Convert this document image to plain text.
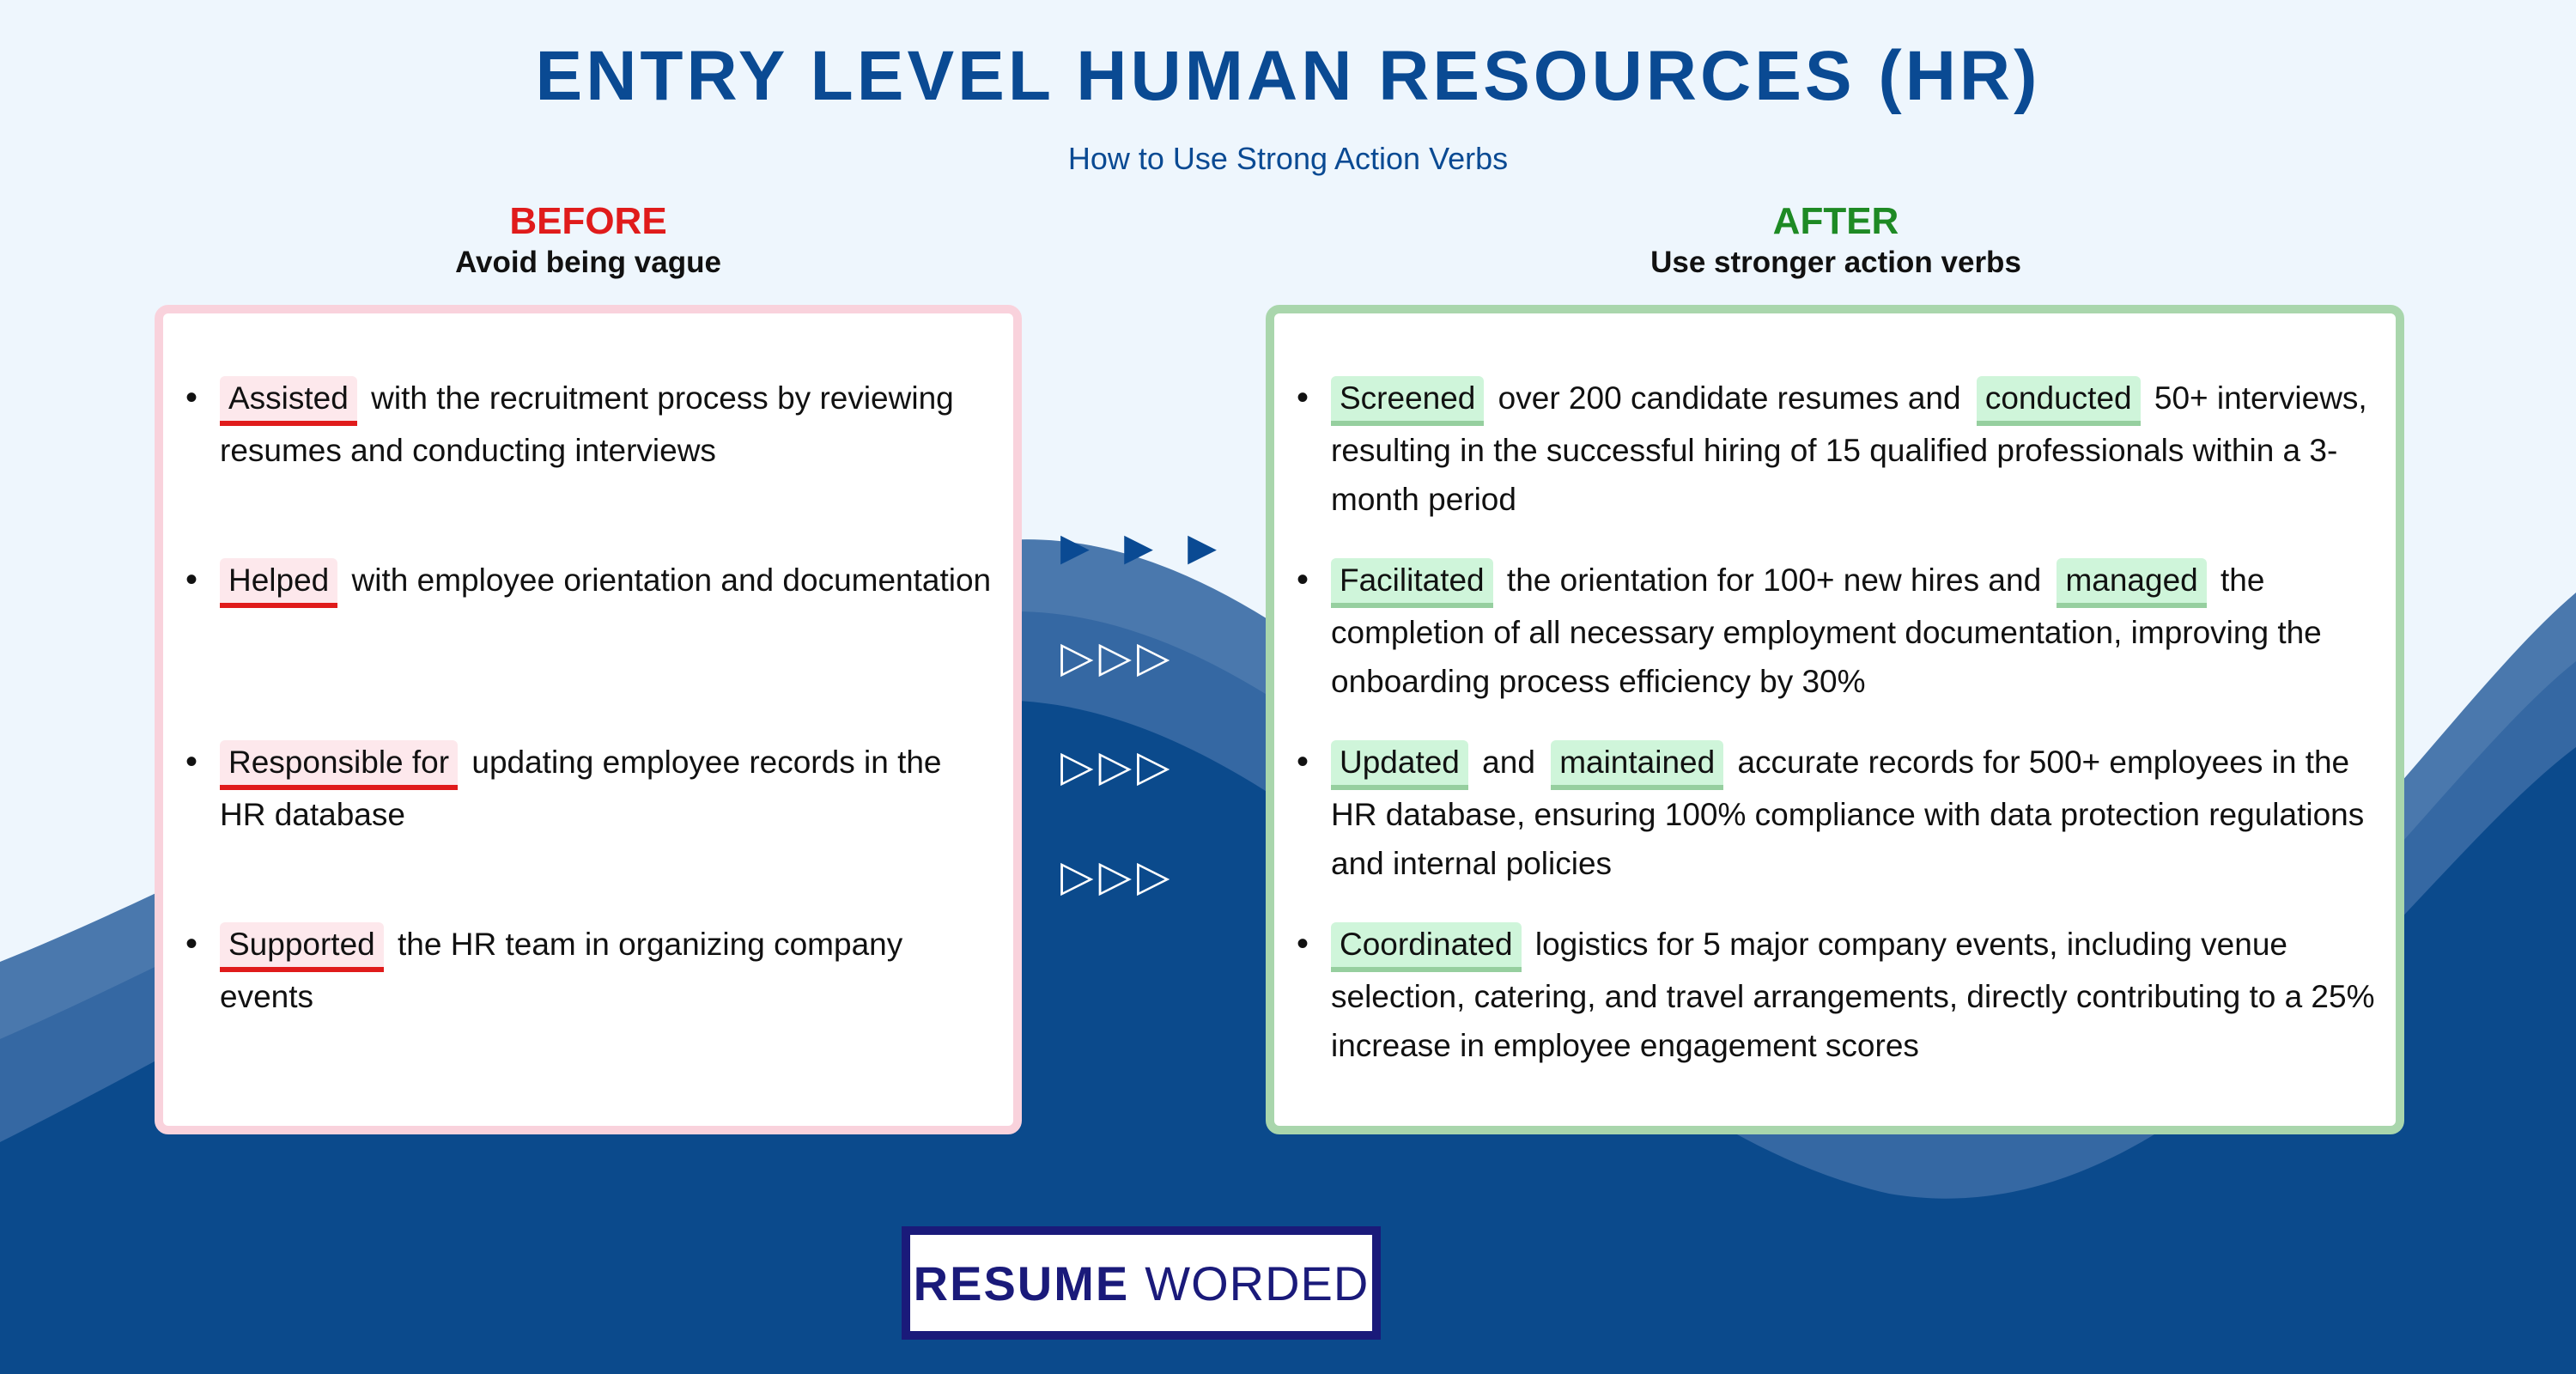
ENTRY LEVEL HUMAN RESOURCES (HR)
How to Use Strong Action Verbs
BEFORE
Avoid being vague
AFTER
Use stronger action verbs
• Assisted with the recruitment process by reviewing resumes and conducting interviews
• Helped with employee orientation and documentation
• Responsible for updating employee records in the HR database
• Supported the HR team in organizing company events
▶ ▶ ▶
▷▷▷
▷▷▷
▷▷▷
• Screened over 200 candidate resumes and conducted 50+ interviews, resulting in the successful hiring of 15 qualified professionals within a 3-month period
• Facilitated the orientation for 100+ new hires and managed the completion of all necessary employment documentation, improving the onboarding process efficiency by 30%
• Updated and maintained accurate records for 500+ employees in the HR database, ensuring 100% compliance with data protection regulations and internal policies
• Coordinated logistics for 5 major company events, including venue selection, catering, and travel arrangements, directly contributing to a 25% increase in employee engagement scores
RESUME WORDED
